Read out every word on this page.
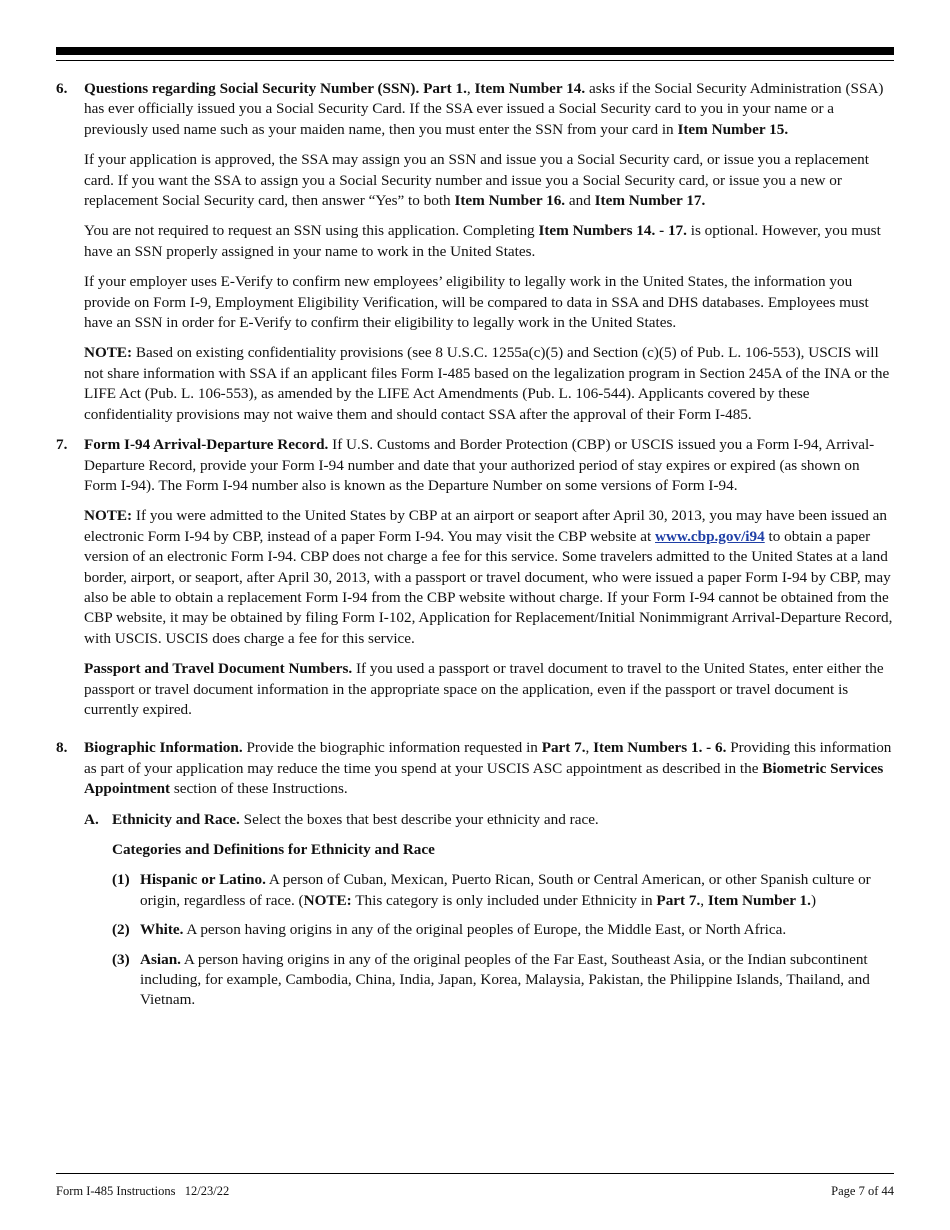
6. Questions regarding Social Security Number (SSN). Part 1., Item Number 14. asks if the Social Security Administration (SSA) has ever officially issued you a Social Security Card. If the SSA ever issued a Social Security card to you in your name or a previously used name such as your maiden name, then you must enter the SSN from your card in Item Number 15.

If your application is approved, the SSA may assign you an SSN and issue you a Social Security card, or issue you a replacement card. If you want the SSA to assign you a Social Security number and issue you a Social Security card, or issue you a new or replacement Social Security card, then answer “Yes” to both Item Number 16. and Item Number 17.

You are not required to request an SSN using this application. Completing Item Numbers 14. - 17. is optional. However, you must have an SSN properly assigned in your name to work in the United States.

If your employer uses E-Verify to confirm new employees’ eligibility to legally work in the United States, the information you provide on Form I-9, Employment Eligibility Verification, will be compared to data in SSA and DHS databases. Employees must have an SSN in order for E-Verify to confirm their eligibility to legally work in the United States.

NOTE: Based on existing confidentiality provisions (see 8 U.S.C. 1255a(c)(5) and Section (c)(5) of Pub. L. 106-553), USCIS will not share information with SSA if an applicant files Form I-485 based on the legalization program in Section 245A of the INA or the LIFE Act (Pub. L. 106-553), as amended by the LIFE Act Amendments (Pub. L. 106-544). Applicants covered by these confidentiality provisions may not waive them and should contact SSA after the approval of their Form I-485.

7. Form I-94 Arrival-Departure Record. If U.S. Customs and Border Protection (CBP) or USCIS issued you a Form I-94, Arrival-Departure Record, provide your Form I-94 number and date that your authorized period of stay expires or expired (as shown on Form I-94). The Form I-94 number also is known as the Departure Number on some versions of Form I-94.

NOTE: If you were admitted to the United States by CBP at an airport or seaport after April 30, 2013, you may have been issued an electronic Form I-94 by CBP, instead of a paper Form I-94. You may visit the CBP website at www.cbp.gov/i94 to obtain a paper version of an electronic Form I-94. CBP does not charge a fee for this service. Some travelers admitted to the United States at a land border, airport, or seaport, after April 30, 2013, with a passport or travel document, who were issued a paper Form I-94 by CBP, may also be able to obtain a replacement Form I-94 from the CBP website without charge. If your Form I-94 cannot be obtained from the CBP website, it may be obtained by filing Form I-102, Application for Replacement/Initial Nonimmigrant Arrival-Departure Record, with USCIS. USCIS does charge a fee for this service.

Passport and Travel Document Numbers. If you used a passport or travel document to travel to the United States, enter either the passport or travel document information in the appropriate space on the application, even if the passport or travel document is currently expired.

8. Biographic Information. Provide the biographic information requested in Part 7., Item Numbers 1. - 6. Providing this information as part of your application may reduce the time you spend at your USCIS ASC appointment as described in the Biometric Services Appointment section of these Instructions.

A. Ethnicity and Race. Select the boxes that best describe your ethnicity and race.

Categories and Definitions for Ethnicity and Race
(1) Hispanic or Latino. A person of Cuban, Mexican, Puerto Rican, South or Central American, or other Spanish culture or origin, regardless of race. (NOTE: This category is only included under Ethnicity in Part 7., Item Number 1.)
(2) White. A person having origins in any of the original peoples of Europe, the Middle East, or North Africa.
(3) Asian. A person having origins in any of the original peoples of the Far East, Southeast Asia, or the Indian subcontinent including, for example, Cambodia, China, India, Japan, Korea, Malaysia, Pakistan, the Philippine Islands, Thailand, and Vietnam.
Form I-485 Instructions   12/23/22	Page 7 of 44
